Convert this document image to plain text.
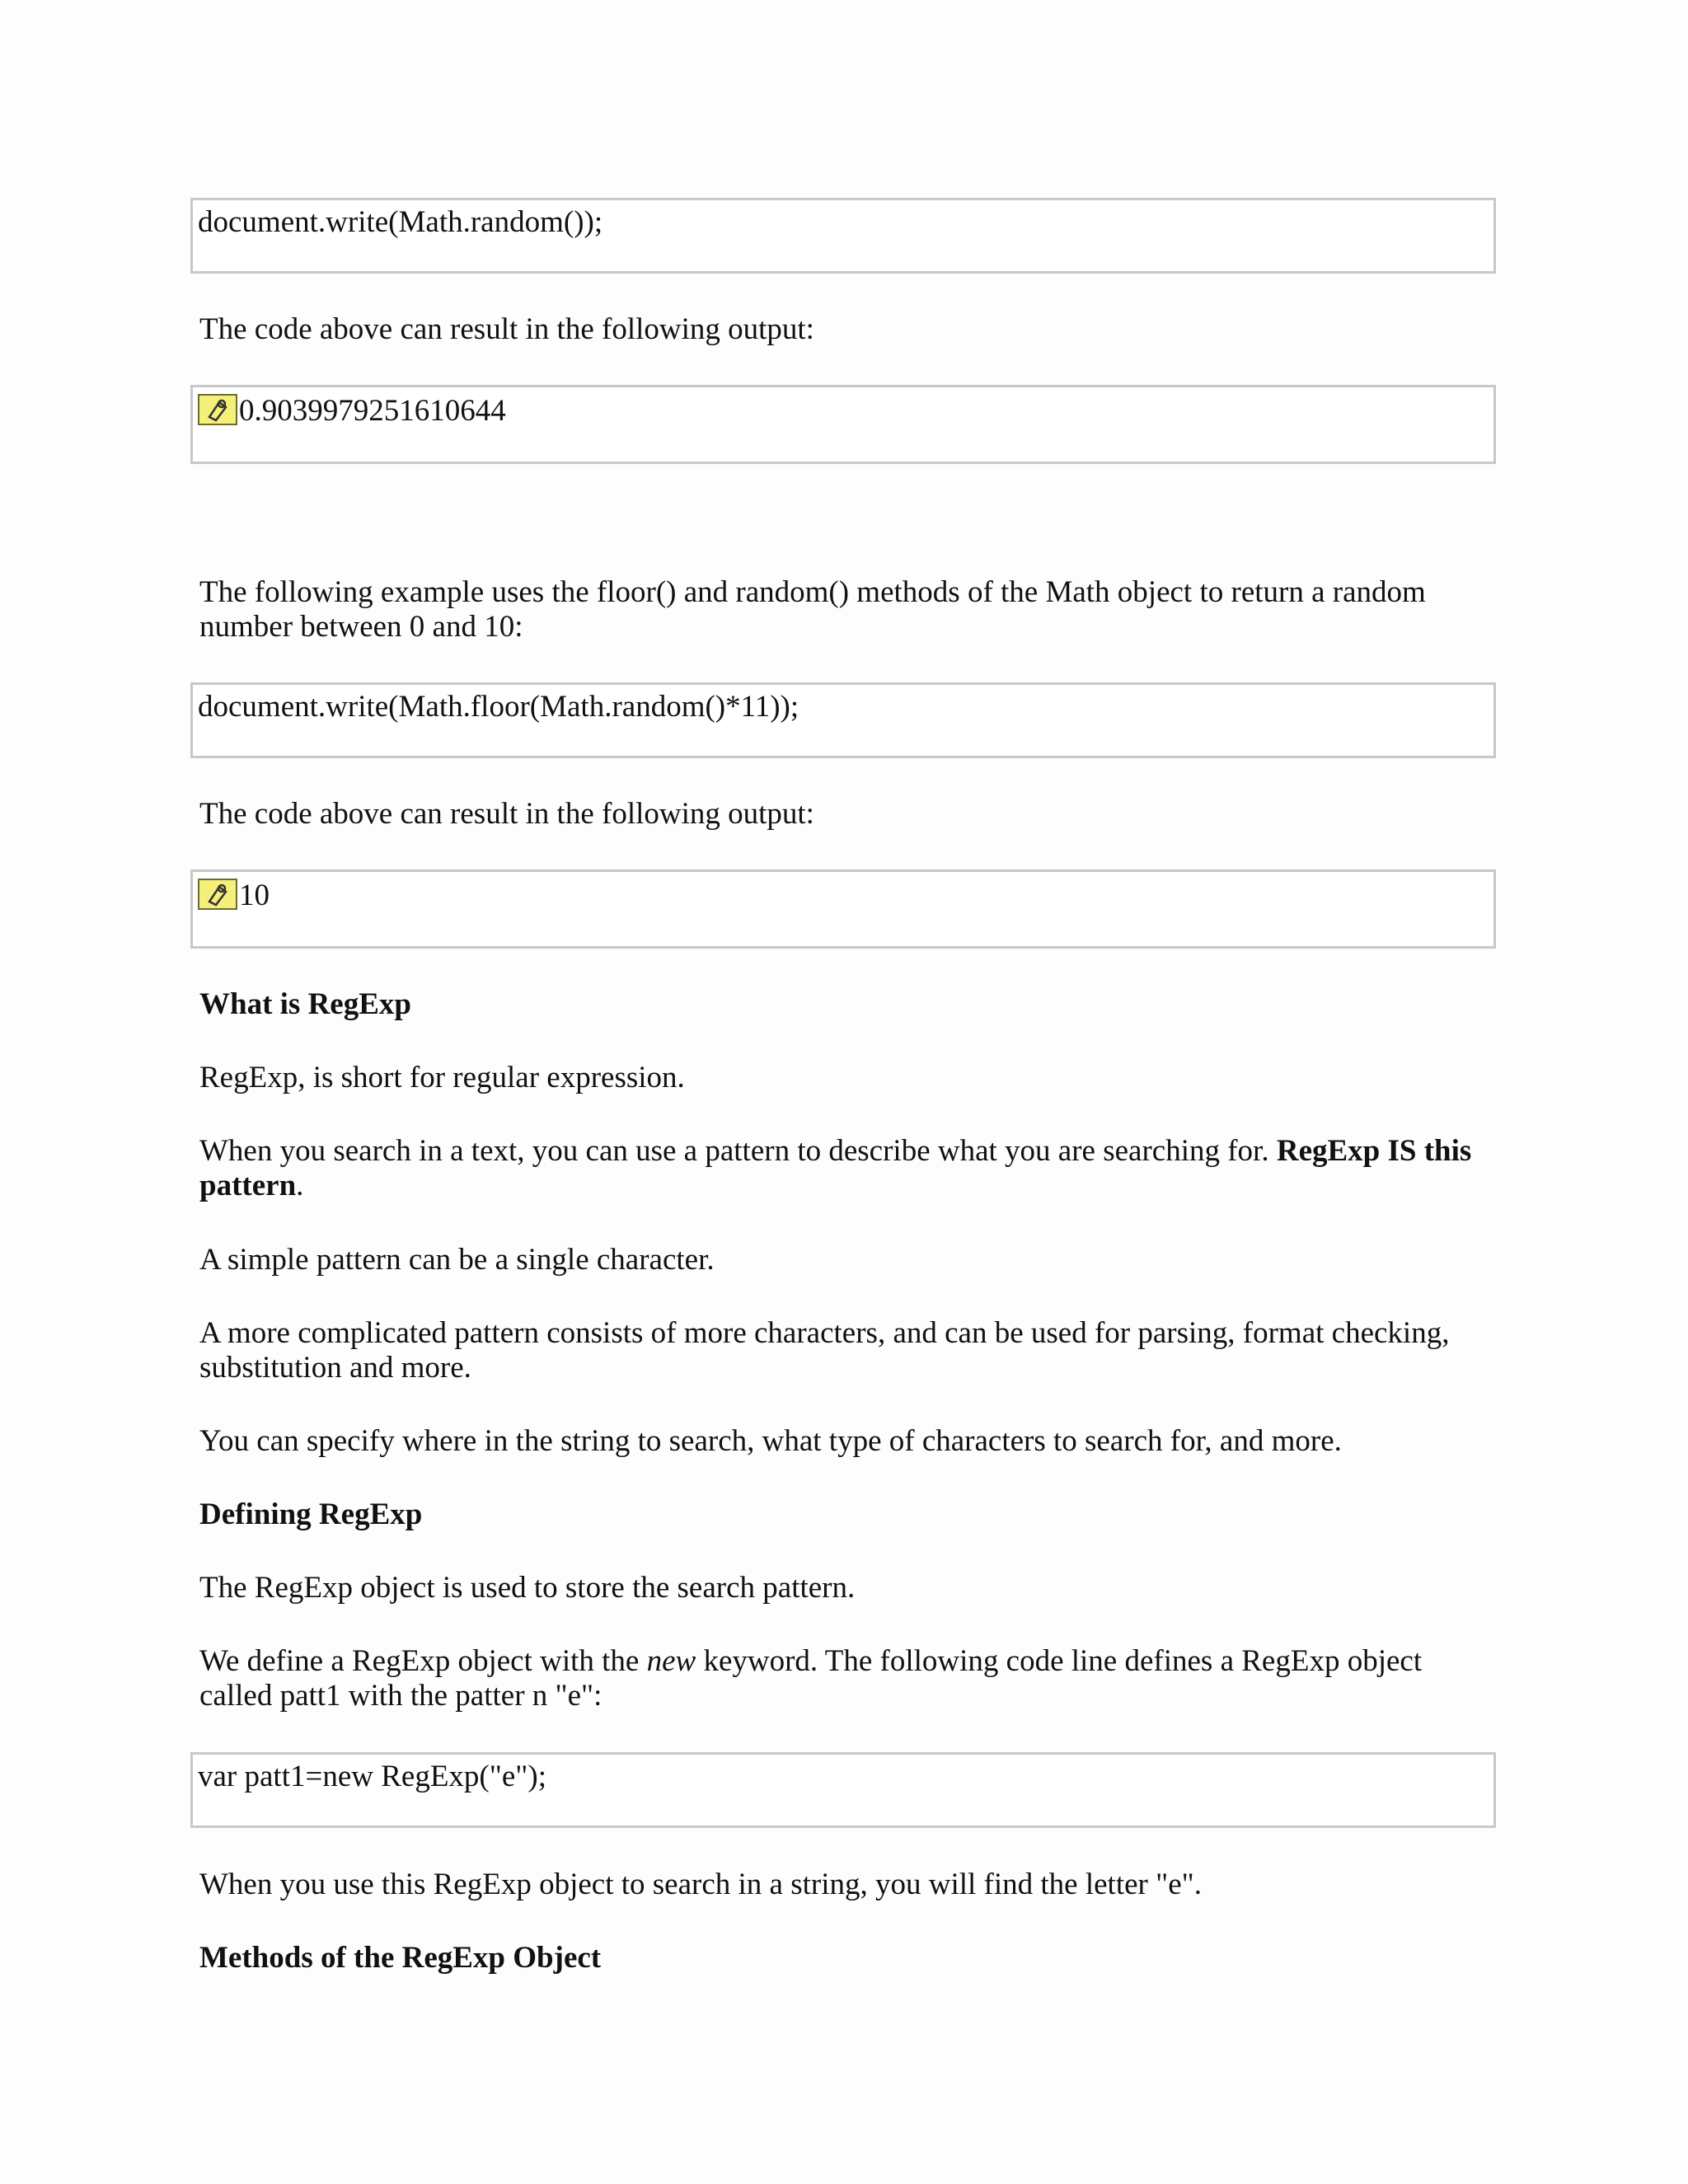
document.write(Math.random());

The code above can result in the following output:

0.9039979251610644

The following example uses the floor() and random() methods of the Math object to return a random number between 0 and 10:

document.write(Math.floor(Math.random()*11));

The code above can result in the following output:

10
What is RegExp

RegExp, is short for regular expression.

When you search in a text, you can use a pattern to describe what you are searching for. RegExp IS this pattern.

A simple pattern can be a single character.

A more complicated pattern consists of more characters, and can be used for parsing, format checking, substitution and more.

You can specify where in the string to search, what type of characters to search for, and more.

Defining RegExp

The RegExp object is used to store the search pattern.

We define a RegExp object with the new keyword. The following code line defines a RegExp object called patt1 with the patter n "e":

var patt1=new RegExp("e");

When you use this RegExp object to search in a string, you will find the letter "e".

Methods of the RegExp Object
